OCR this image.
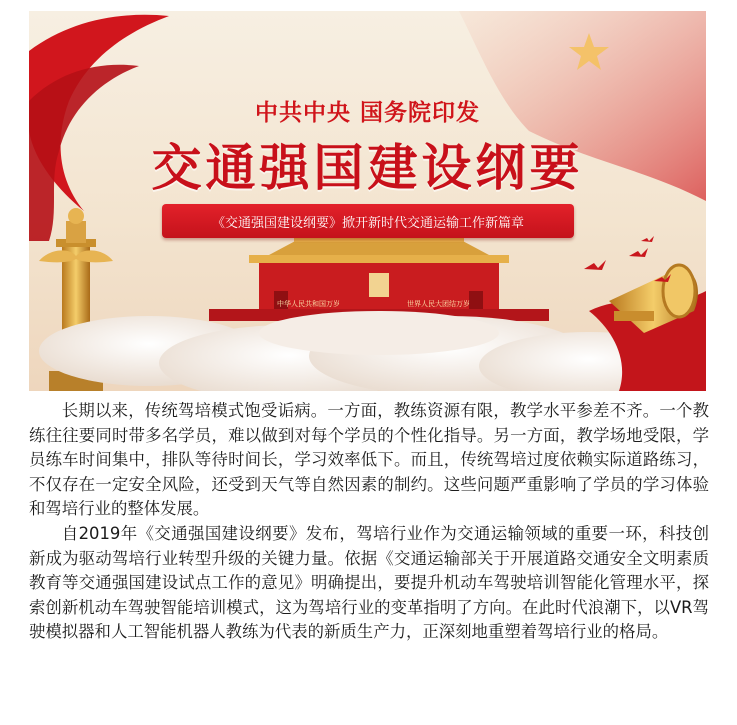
中共中央 国务院印发
交通强国建设纲要
《交通强国建设纲要》掀开新时代交通运输工作新篇章
中华人民共和国万岁	世界人民大团结万岁

长期以来，传统驾培模式饱受诟病。一方面，教练资源有限，教学水平参差不齐。一个教练往往要同时带多名学员，难以做到对每个学员的个性化指导。另一方面，教学场地受限，学员练车时间集中，排队等待时间长，学习效率低下。而且，传统驾培过度依赖实际道路练习，不仅存在一定安全风险，还受到天气等自然因素的制约。这些问题严重影响了学员的学习体验和驾培行业的整体发展。

自2019年《交通强国建设纲要》发布，驾培行业作为交通运输领域的重要一环，科技创新成为驱动驾培行业转型升级的关键力量。依据《交通运输部关于开展道路交通安全文明素质教育等交通强国建设试点工作的意见》明确提出，要提升机动车驾驶培训智能化管理水平，探索创新机动车驾驶智能培训模式，这为驾培行业的变革指明了方向。在此时代浪潮下，以VR驾驶模拟器和人工智能机器人教练为代表的新质生产力，正深刻地重塑着驾培行业的格局。
